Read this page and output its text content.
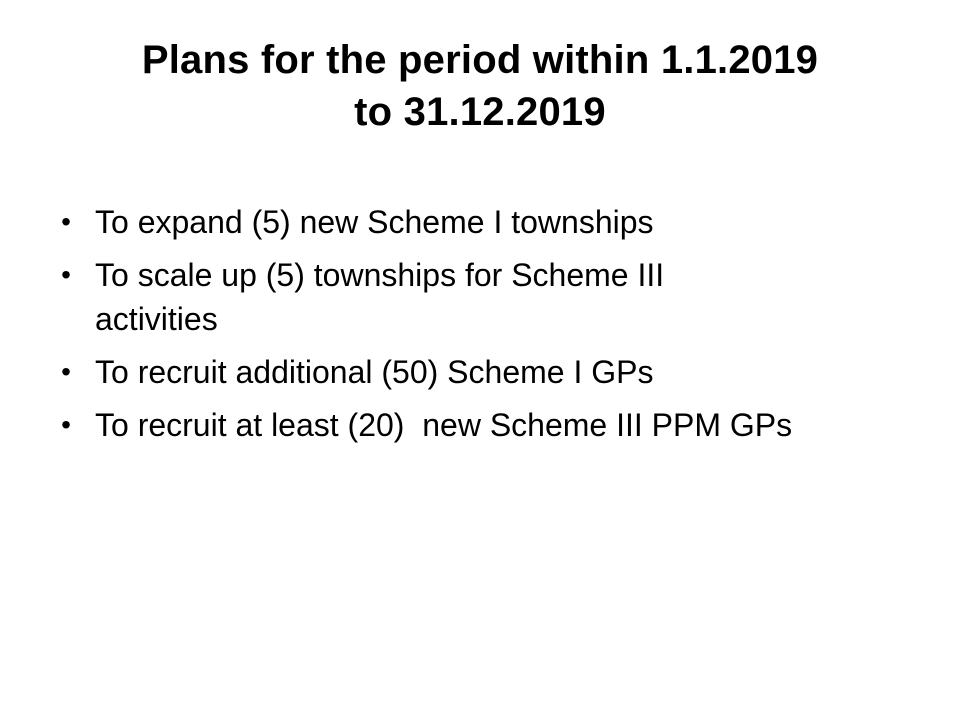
Plans for the period within 1.1.2019
to 31.12.2019
• To expand (5) new Scheme I townships
• To scale up (5) townships for Scheme III
activities
• To recruit additional (50) Scheme I GPs
• To recruit at least (20)  new Scheme III PPM GPs
